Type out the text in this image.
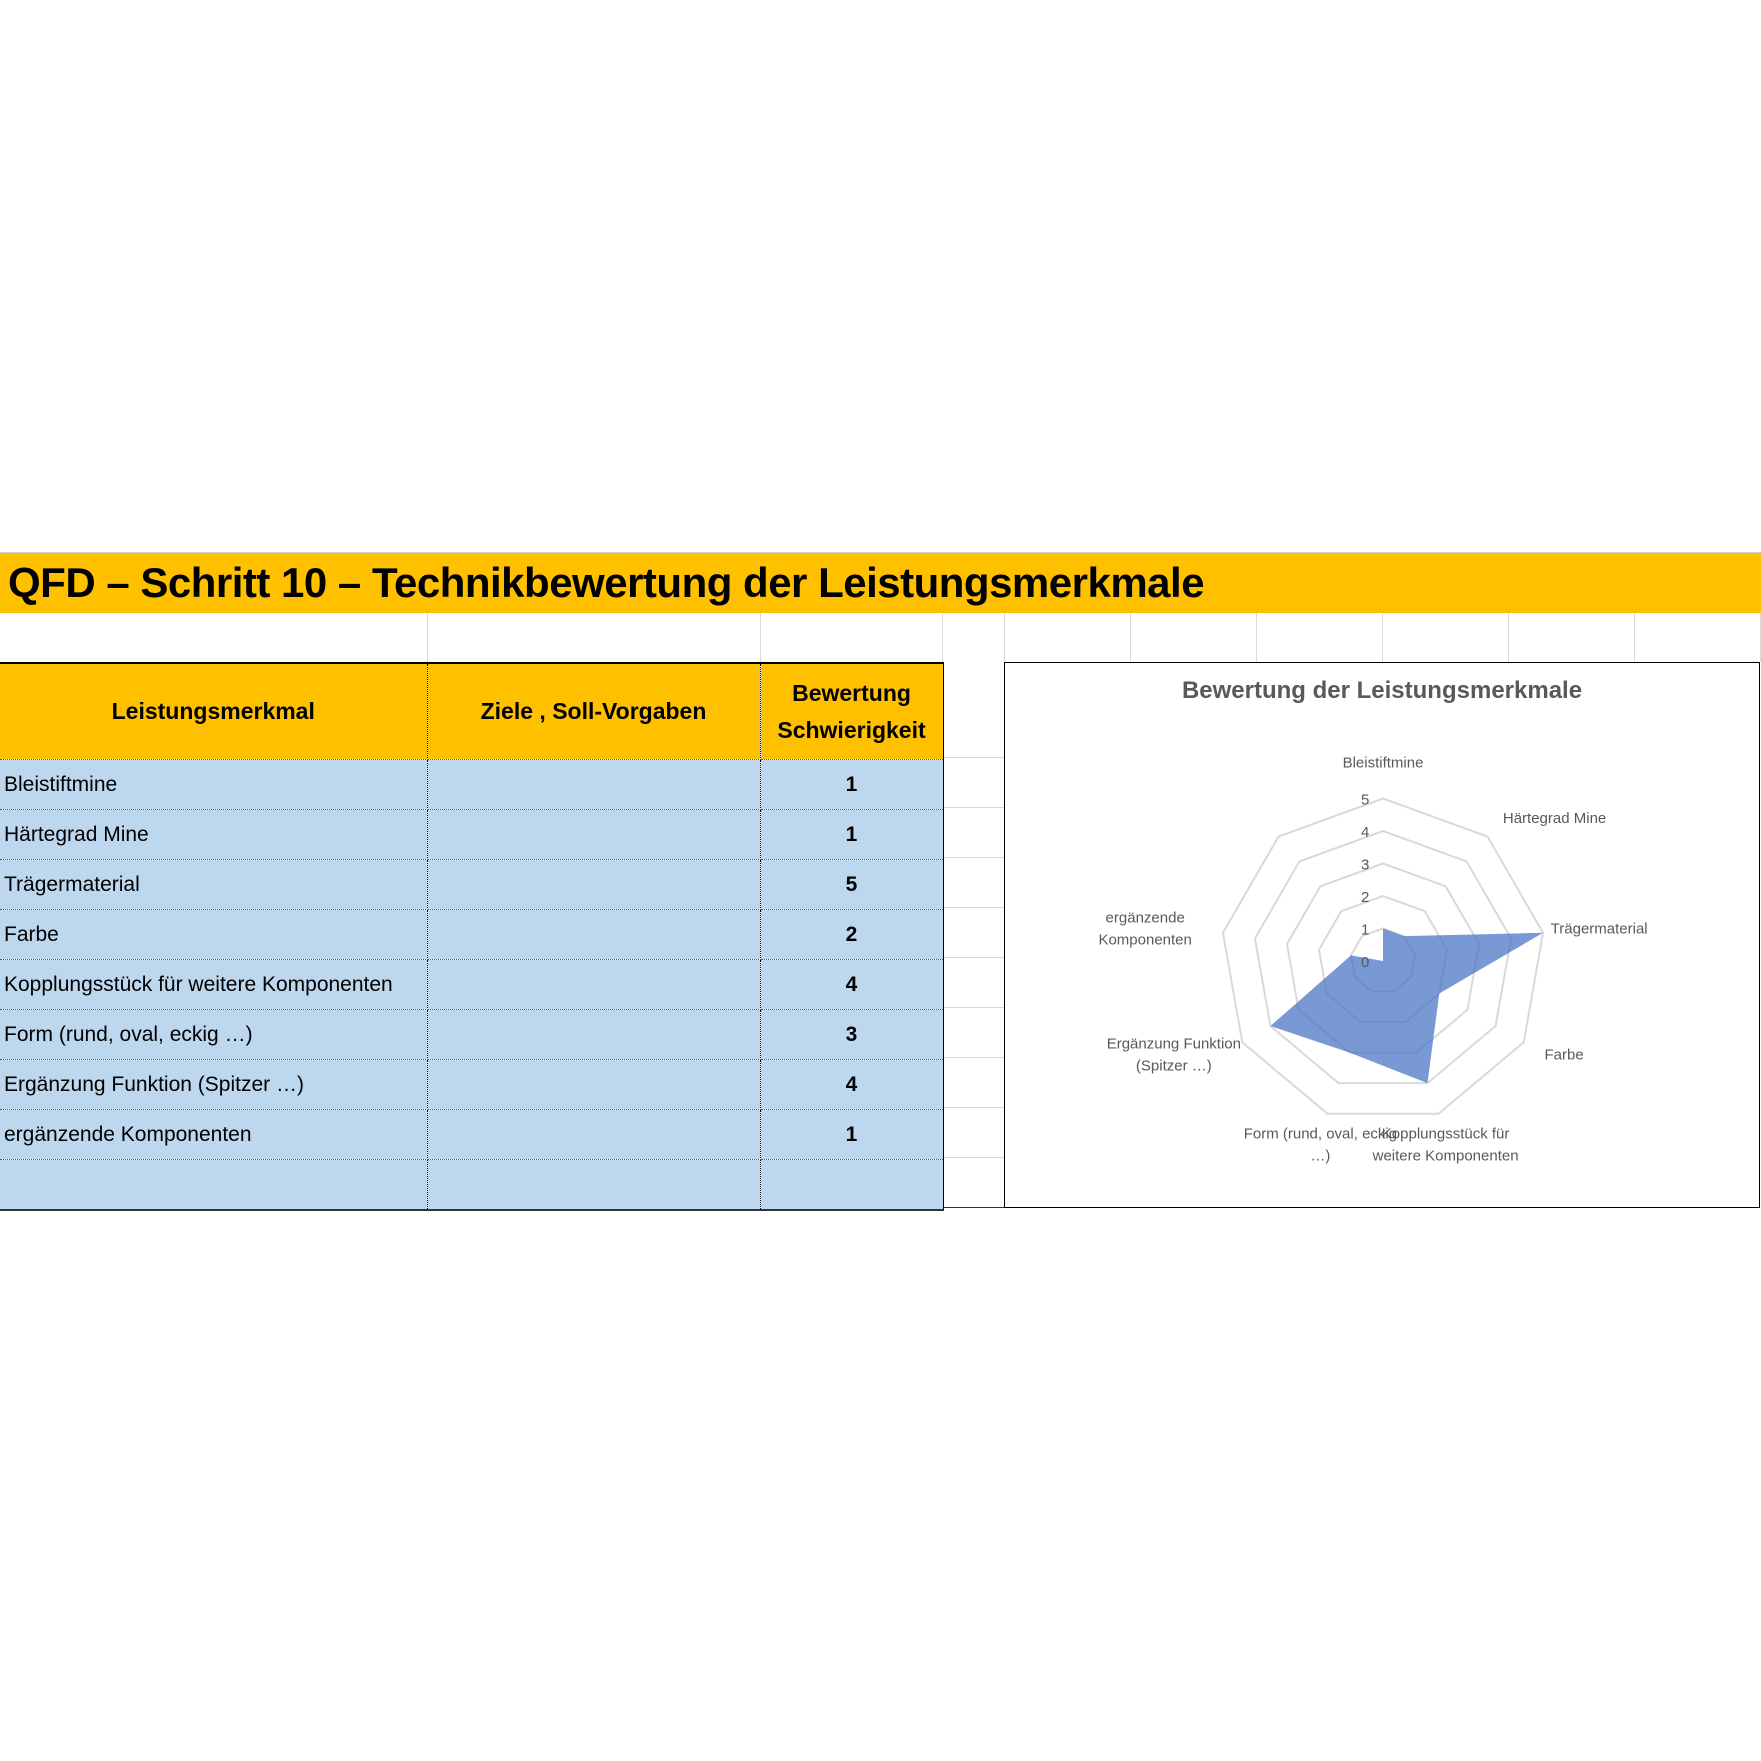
QFD – Schritt 10 – Technikbewertung der Leistungsmerkmale
Leistungsmerkmal	Ziele , Soll-Vorgaben	Bewertung
Schwierigkeit

Bleistiftmine		1
Härtegrad Mine		1
Trägermaterial		5
Farbe		2
Kopplungsstück für weitere Komponenten		4
Form (rund, oval, eckig …)		3
Ergänzung Funktion (Spitzer …)		4
ergänzende Komponenten		1

Bewertung der Leistungsmerkmale
0
1
2
3
4
5
Bleistiftmine
Härtegrad Mine
Trägermaterial
Farbe
Kopplungsstück für
weitere Komponenten
Form (rund, oval, eckig
…)
Ergänzung Funktion
(Spitzer …)
ergänzende
Komponenten
